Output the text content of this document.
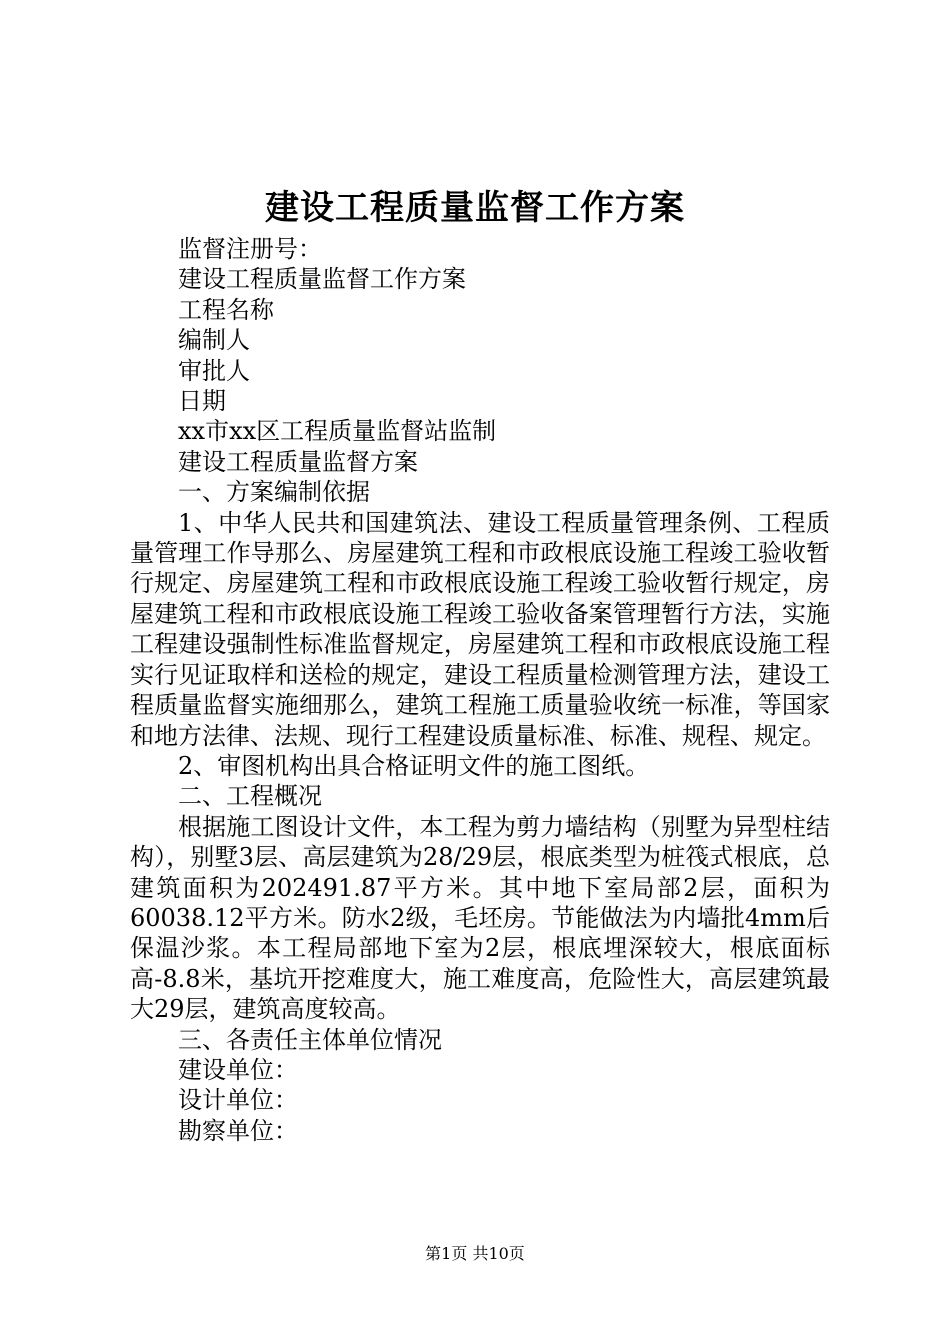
建设工程质量监督工作方案

监督注册号：

建设工程质量监督工作方案

工程名称

编制人

审批人

日期

xx市xx区工程质量监督站监制

建设工程质量监督方案

一、方案编制依据

1、中华人民共和国建筑法、建设工程质量管理条例、工程质量管理工作导那么、房屋建筑工程和市政根底设施工程竣工验收暂行规定、房屋建筑工程和市政根底设施工程竣工验收暂行规定，房屋建筑工程和市政根底设施工程竣工验收备案管理暂行方法，实施工程建设强制性标准监督规定，房屋建筑工程和市政根底设施工程实行见证取样和送检的规定，建设工程质量检测管理方法，建设工程质量监督实施细那么，建筑工程施工质量验收统一标准，等国家和地方法律、法规、现行工程建设质量标准、标准、规程、规定。

2、审图机构出具合格证明文件的施工图纸。

二、工程概况

根据施工图设计文件，本工程为剪力墙结构（别墅为异型柱结构），别墅3层、高层建筑为28/29层，根底类型为桩筏式根底，总建筑面积为202491.87平方米。其中地下室局部2层，面积为60038.12平方米。防水2级，毛坯房。节能做法为内墙批4mm后保温沙浆。本工程局部地下室为2层，根底埋深较大，根底面标高-8.8米，基坑开挖难度大，施工难度高，危险性大，高层建筑最大29层，建筑高度较高。

三、各责任主体单位情况

建设单位：

设计单位：

勘察单位：

第1页 共10页
